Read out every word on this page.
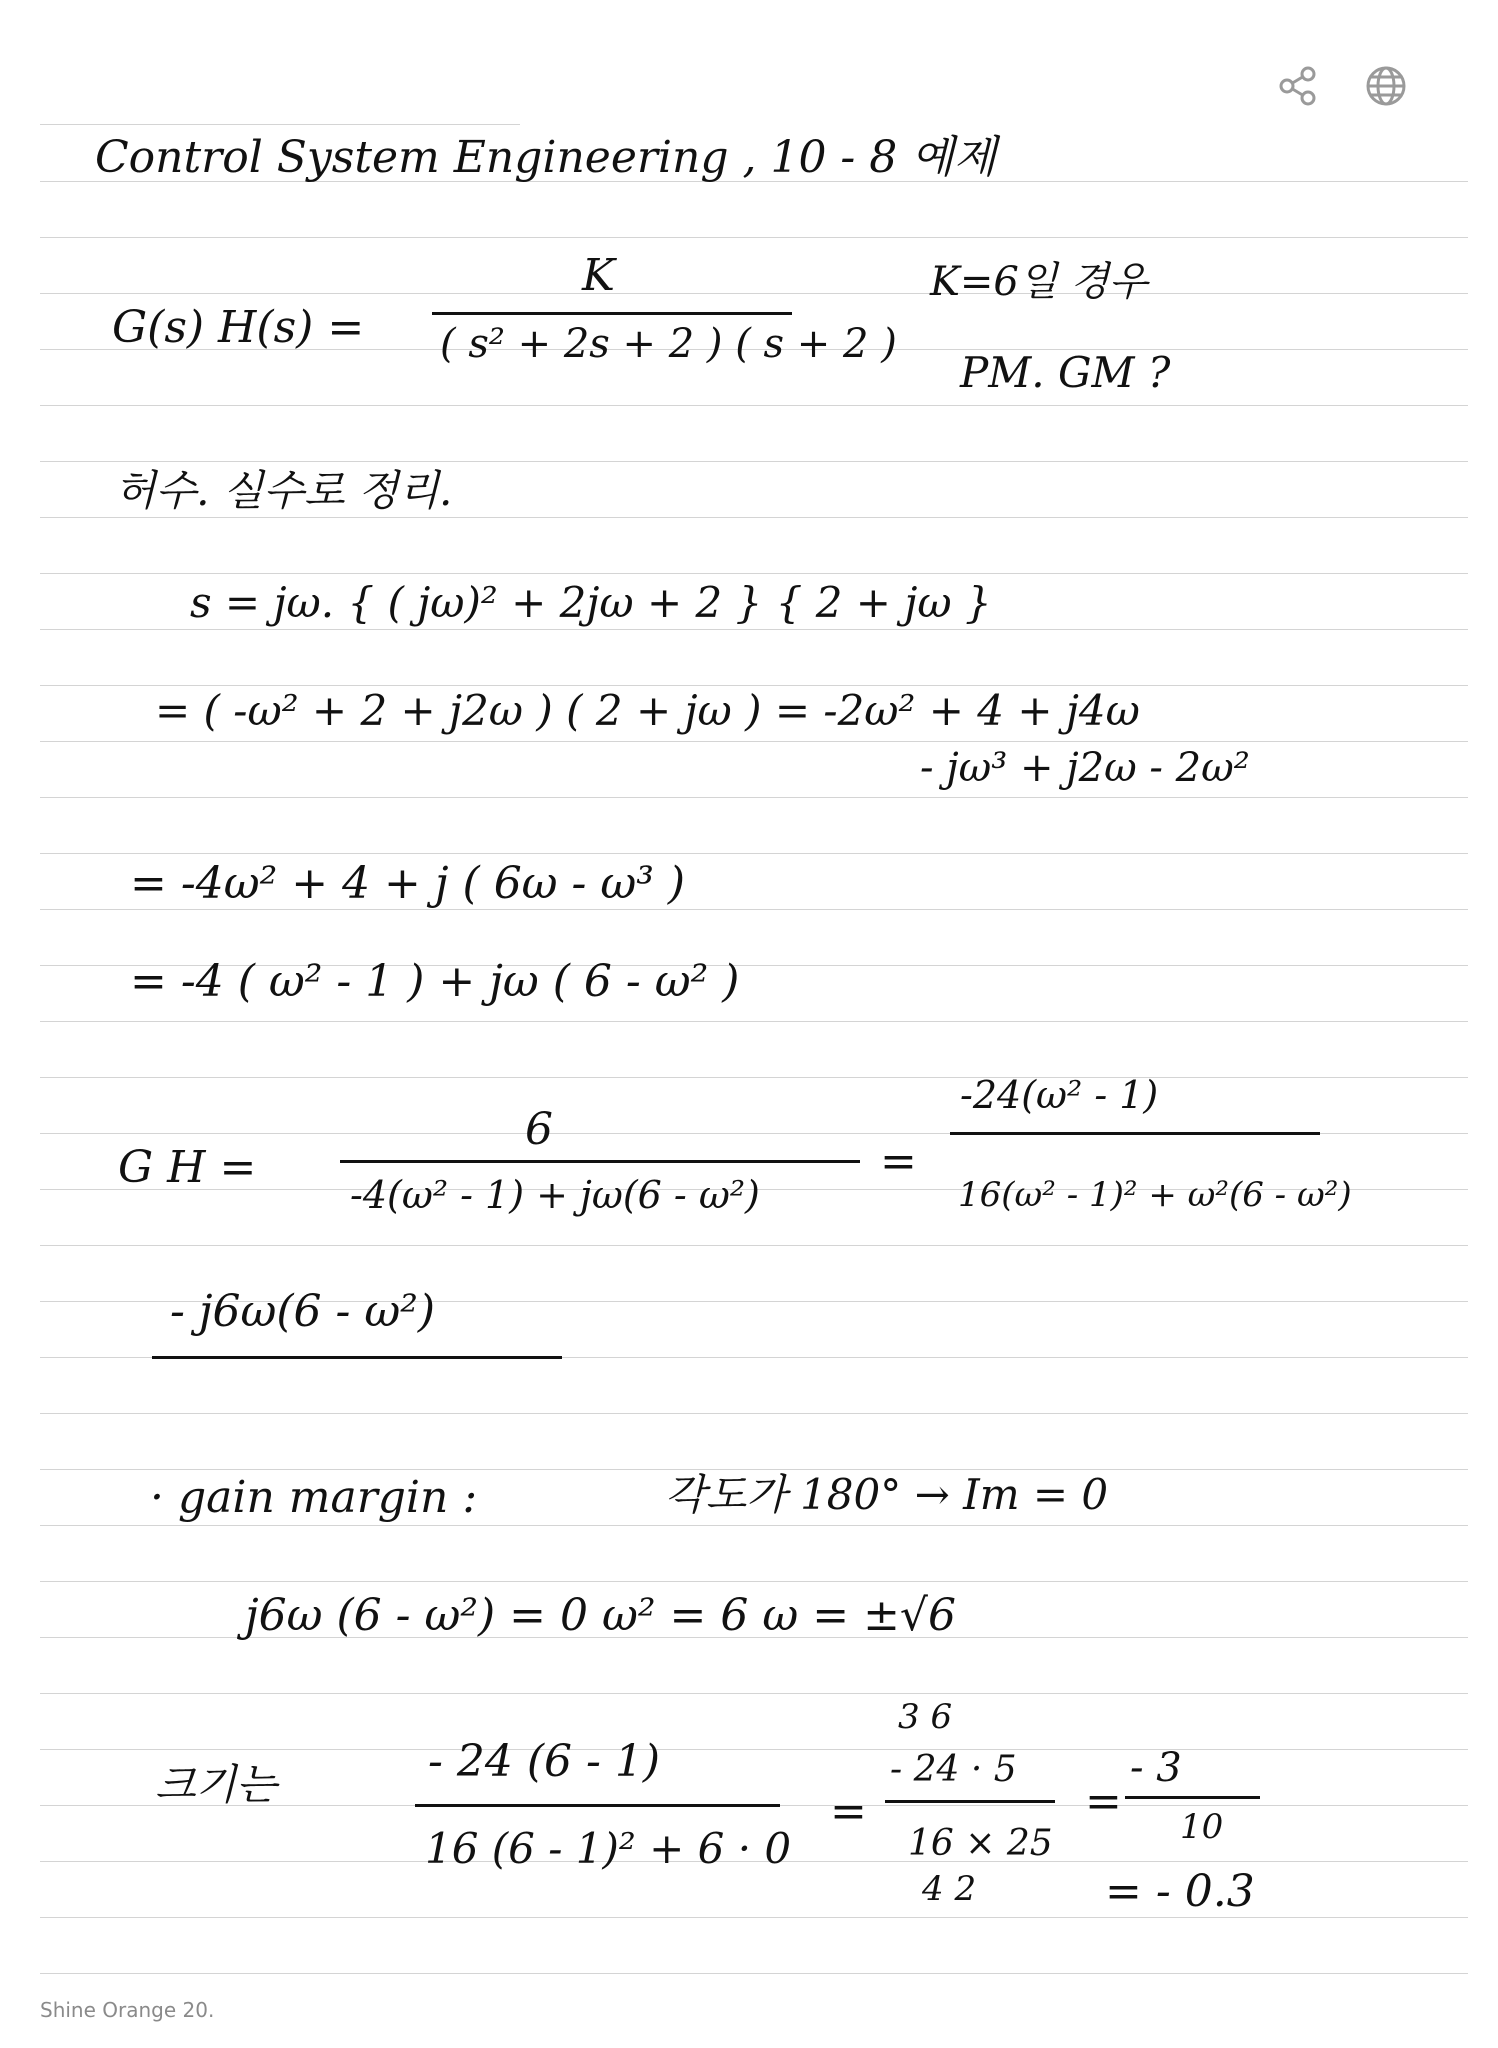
Control System Engineering , 10 - 8 예제
G(s) H(s) =
K
( s² + 2s + 2 ) ( s + 2 )
K=6일 경우
PM. GM ?
허수. 실수로 정리.
s = jω. { ( jω)² + 2jω + 2 } { 2 + jω }
= ( -ω² + 2 + j2ω ) ( 2 + jω ) = -2ω² + 4 + j4ω
- jω³ + j2ω - 2ω²
= -4ω² + 4 + j ( 6ω - ω³ )
= -4 ( ω² - 1 ) + jω ( 6 - ω² )
G H =
6
-4(ω² - 1) + jω(6 - ω²)
=
-24(ω² - 1)
16(ω² - 1)² + ω²(6 - ω²)
- j6ω(6 - ω²)
· gain margin :	각도가 180° → Im = 0
j6ω (6 - ω²) = 0 ω² = 6 ω = ±√6
크기는	- 24 (6 - 1)
16 (6 - 1)² + 6 · 0
=
3 6
- 24 · 5
16 × 25
4 2
=
- 3
10
= - 0.3
Shine Orange 20.
